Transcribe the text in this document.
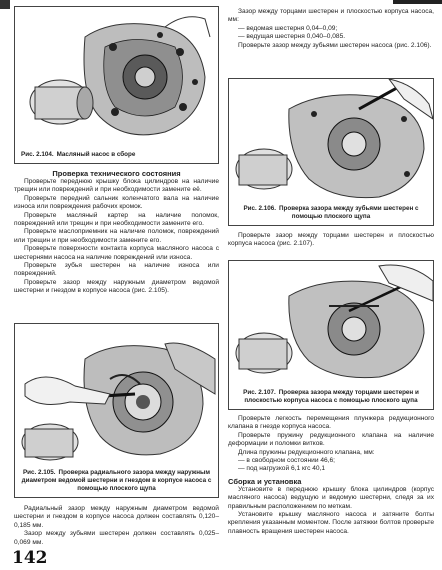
Рис. 2.104. Масляный насос в сборе

Проверка технического состояния

Проверьте переднюю крышку блока цилиндров на наличие трещин или повреждений и при необходимости замените её.

Проверьте передний сальник коленчатого вала на наличие износа или повреждения рабочих кромок.

Проверьте масляный картер на наличие поломок, повреждений или трещин и при необходимости замените его.

Проверьте маслоприемник на наличие поломок, повреждений или трещин и при необходимости замените его.

Проверьте поверхности контакта корпуса масляного насоса с шестернями насоса на наличие повреждений или износа.

Проверьте зубья шестерен на наличие износа или повреждений.

Проверьте зазор между наружным диаметром ведомой шестерни и гнездом в корпусе насоса (рис. 2.105).

Рис. 2.105. Проверка радиального зазора между наружным диаметром ведомой шестерни и гнездом в корпусе насоса с помощью плоского щупа

Радиальный зазор между наружным диаметром ведомой шестерни и гнездом в корпусе насоса должен составлять 0,120–0,185 мм.

Зазор между зубьями шестерен должен составлять 0,025–0,069 мм.

Зазор между торцами шестерен и плоскостью корпуса насоса, мм:

— ведомая шестерня 0,04–0,09;

— ведущая шестерня 0,040–0,085.

Проверьте зазор между зубьями шестерен насоса (рис. 2.106).

Рис. 2.106. Проверка зазора между зубьями шестерен с помощью плоского щупа

Проверьте зазор между торцами шестерен и плоскостью корпуса насоса (рис. 2.107).

Рис. 2.107. Проверка зазора между торцами шестерен и плоскостью корпуса насоса с помощью плоского щупа

Проверьте легкость перемещения плунжера редукционного клапана в гнезде корпуса насоса.

Проверьте пружину редукционного клапана на наличие деформации и поломки витков.

Длина пружины редукционного клапана, мм:

— в свободном состоянии 46,6;

— под нагрузкой 6,1 кгс 40,1

Сборка и установка

Установите в переднюю крышку блока цилиндров (корпус масляного насоса) ведущую и ведомую шестерни, следя за их правильным расположением по меткам.

Установите крышку масляного насоса и затяните болты крепления указанным моментом. После затяжки болтов проверьте плавность вращения шестерен насоса.

142
